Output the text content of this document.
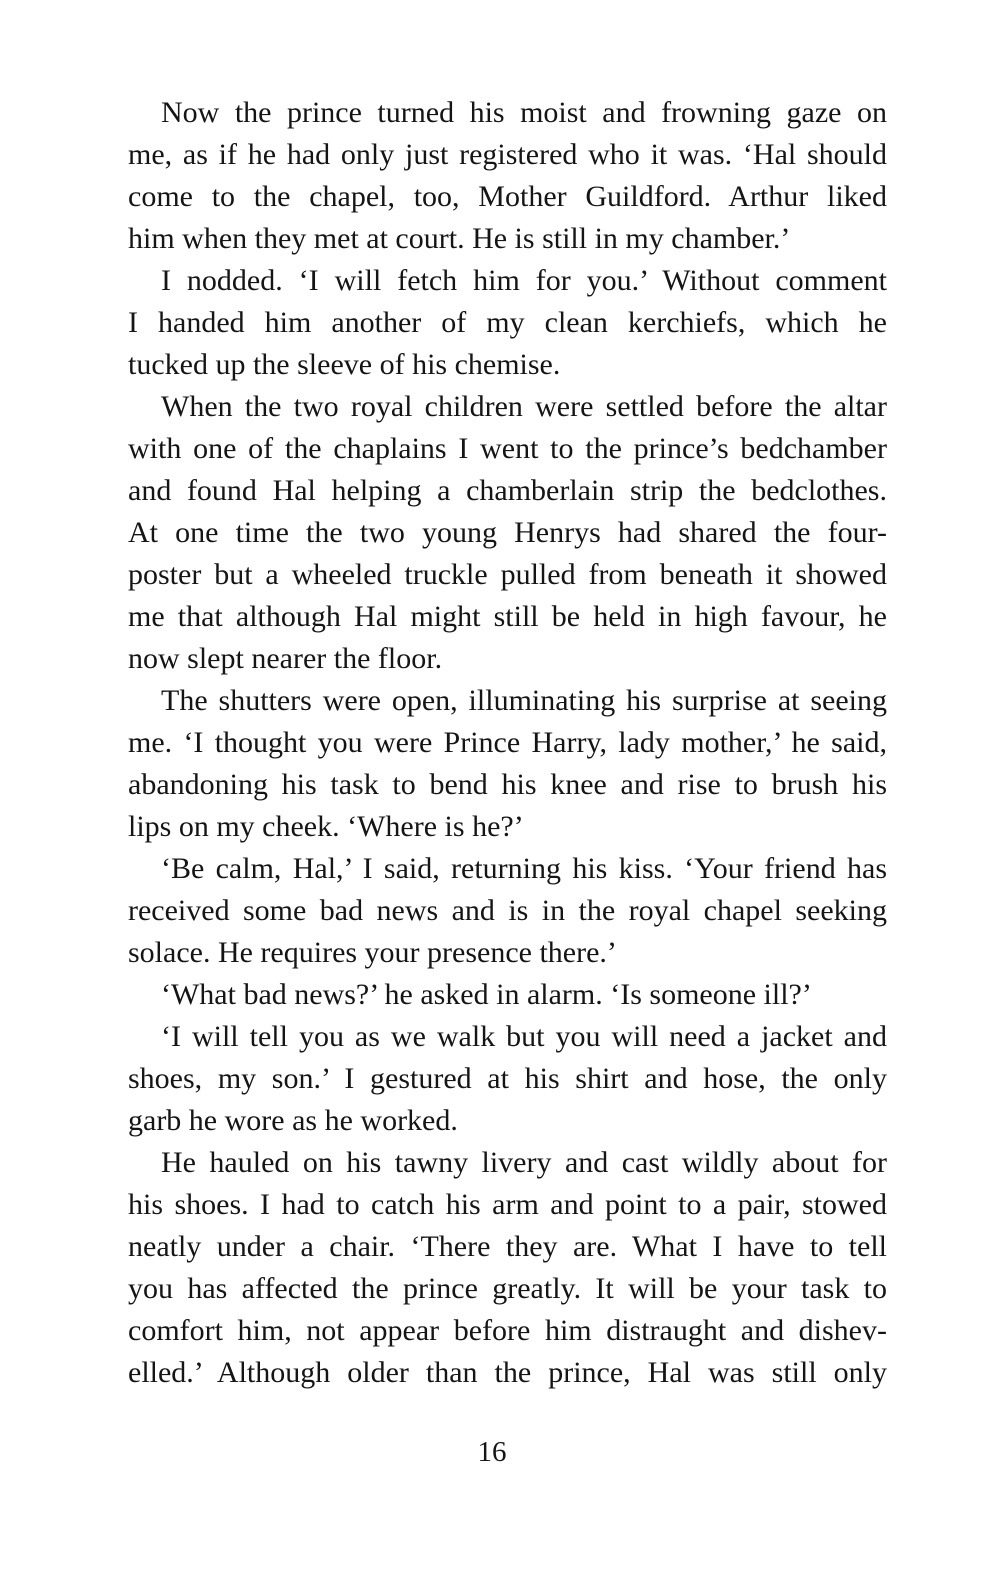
Now the prince turned his moist and frowning gaze on
me, as if he had only just registered who it was. ‘Hal should
come to the chapel, too, Mother Guildford. Arthur liked
him when they met at court. He is still in my chamber.’
I nodded. ‘I will fetch him for you.’ Without comment
I handed him another of my clean kerchiefs, which he
tucked up the sleeve of his chemise.
When the two royal children were settled before the altar
with one of the chaplains I went to the prince’s bedchamber
and found Hal helping a chamberlain strip the bedclothes.
At one time the two young Henrys had shared the four-
poster but a wheeled truckle pulled from beneath it showed
me that although Hal might still be held in high favour, he
now slept nearer the floor.
The shutters were open, illuminating his surprise at seeing
me. ‘I thought you were Prince Harry, lady mother,’ he said,
abandoning his task to bend his knee and rise to brush his
lips on my cheek. ‘Where is he?’
‘Be calm, Hal,’ I said, returning his kiss. ‘Your friend has
received some bad news and is in the royal chapel seeking
solace. He requires your presence there.’
‘What bad news?’ he asked in alarm. ‘Is someone ill?’
‘I will tell you as we walk but you will need a jacket and
shoes, my son.’ I gestured at his shirt and hose, the only
garb he wore as he worked.
He hauled on his tawny livery and cast wildly about for
his shoes. I had to catch his arm and point to a pair, stowed
neatly under a chair. ‘There they are. What I have to tell
you has affected the prince greatly. It will be your task to
comfort him, not appear before him distraught and dishev-
elled.’ Although older than the prince, Hal was still only
16
